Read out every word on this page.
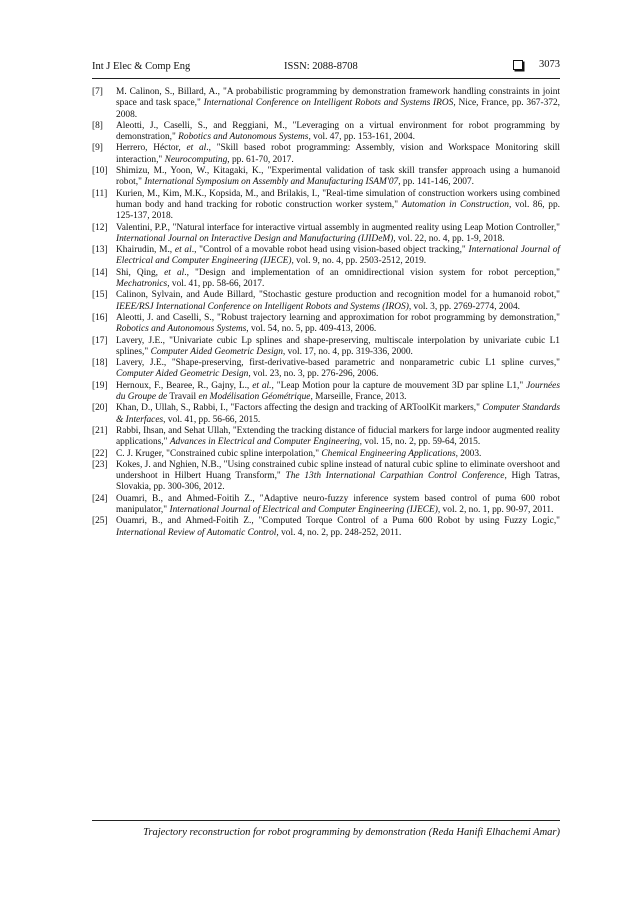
Int J Elec & Comp Eng	ISSN: 2088-8708	3073
[7] M. Calinon, S., Billard, A., "A probabilistic programming by demonstration framework handling constraints in joint space and task space," International Conference on Intelligent Robots and Systems IROS, Nice, France, pp. 367-372, 2008.
[8] Aleotti, J., Caselli, S., and Reggiani, M., "Leveraging on a virtual environment for robot programming by demonstration," Robotics and Autonomous Systems, vol. 47, pp. 153-161, 2004.
[9] Herrero, Héctor, et al., "Skill based robot programming: Assembly, vision and Workspace Monitoring skill interaction," Neurocomputing, pp. 61-70, 2017.
[10] Shimizu, M., Yoon, W., Kitagaki, K., "Experimental validation of task skill transfer approach using a humanoid robot," International Symposium on Assembly and Manufacturing ISAM'07, pp. 141-146, 2007.
[11] Kurien, M., Kim, M.K., Kopsida, M., and Brilakis, I., "Real-time simulation of construction workers using combined human body and hand tracking for robotic construction worker system," Automation in Construction, vol. 86, pp. 125-137, 2018.
[12] Valentini, P.P., "Natural interface for interactive virtual assembly in augmented reality using Leap Motion Controller," International Journal on Interactive Design and Manufacturing (IJIDeM), vol. 22, no. 4, pp. 1-9, 2018.
[13] Khairudin, M., et al., "Control of a movable robot head using vision-based object tracking," International Journal of Electrical and Computer Engineering (IJECE), vol. 9, no. 4, pp. 2503-2512, 2019.
[14] Shi, Qing, et al., "Design and implementation of an omnidirectional vision system for robot perception," Mechatronics, vol. 41, pp. 58-66, 2017.
[15] Calinon, Sylvain, and Aude Billard, "Stochastic gesture production and recognition model for a humanoid robot," IEEE/RSJ International Conference on Intelligent Robots and Systems (IROS), vol. 3, pp. 2769-2774, 2004.
[16] Aleotti, J. and Caselli, S., "Robust trajectory learning and approximation for robot programming by demonstration," Robotics and Autonomous Systems, vol. 54, no. 5, pp. 409-413, 2006.
[17] Lavery, J.E., "Univariate cubic Lp splines and shape-preserving, multiscale interpolation by univariate cubic L1 splines," Computer Aided Geometric Design, vol. 17, no. 4, pp. 319-336, 2000.
[18] Lavery, J.E., "Shape-preserving, first-derivative-based parametric and nonparametric cubic L1 spline curves," Computer Aided Geometric Design, vol. 23, no. 3, pp. 276-296, 2006.
[19] Hernoux, F., Bearee, R., Gajny, L., et al., "Leap Motion pour la capture de mouvement 3D par spline L1," Journées du Groupe de Travail en Modélisation Géométrique, Marseille, France, 2013.
[20] Khan, D., Ullah, S., Rabbi, I., "Factors affecting the design and tracking of ARToolKit markers," Computer Standards & Interfaces, vol. 41, pp. 56-66, 2015.
[21] Rabbi, Ihsan, and Sehat Ullah, "Extending the tracking distance of fiducial markers for large indoor augmented reality applications," Advances in Electrical and Computer Engineering, vol. 15, no. 2, pp. 59-64, 2015.
[22] C. J. Kruger, "Constrained cubic spline interpolation," Chemical Engineering Applications, 2003.
[23] Kokes, J. and Nghien, N.B., "Using constrained cubic spline instead of natural cubic spline to eliminate overshoot and undershoot in Hilbert Huang Transform," The 13th International Carpathian Control Conference, High Tatras, Slovakia, pp. 300-306, 2012.
[24] Ouamri, B., and Ahmed-Foitih Z., "Adaptive neuro-fuzzy inference system based control of puma 600 robot manipulator," International Journal of Electrical and Computer Engineering (IJECE), vol. 2, no. 1, pp. 90-97, 2011.
[25] Ouamri, B., and Ahmed-Foitih Z., "Computed Torque Control of a Puma 600 Robot by using Fuzzy Logic," International Review of Automatic Control, vol. 4, no. 2, pp. 248-252, 2011.
Trajectory reconstruction for robot programming by demonstration (Reda Hanifi Elhachemi Amar)
